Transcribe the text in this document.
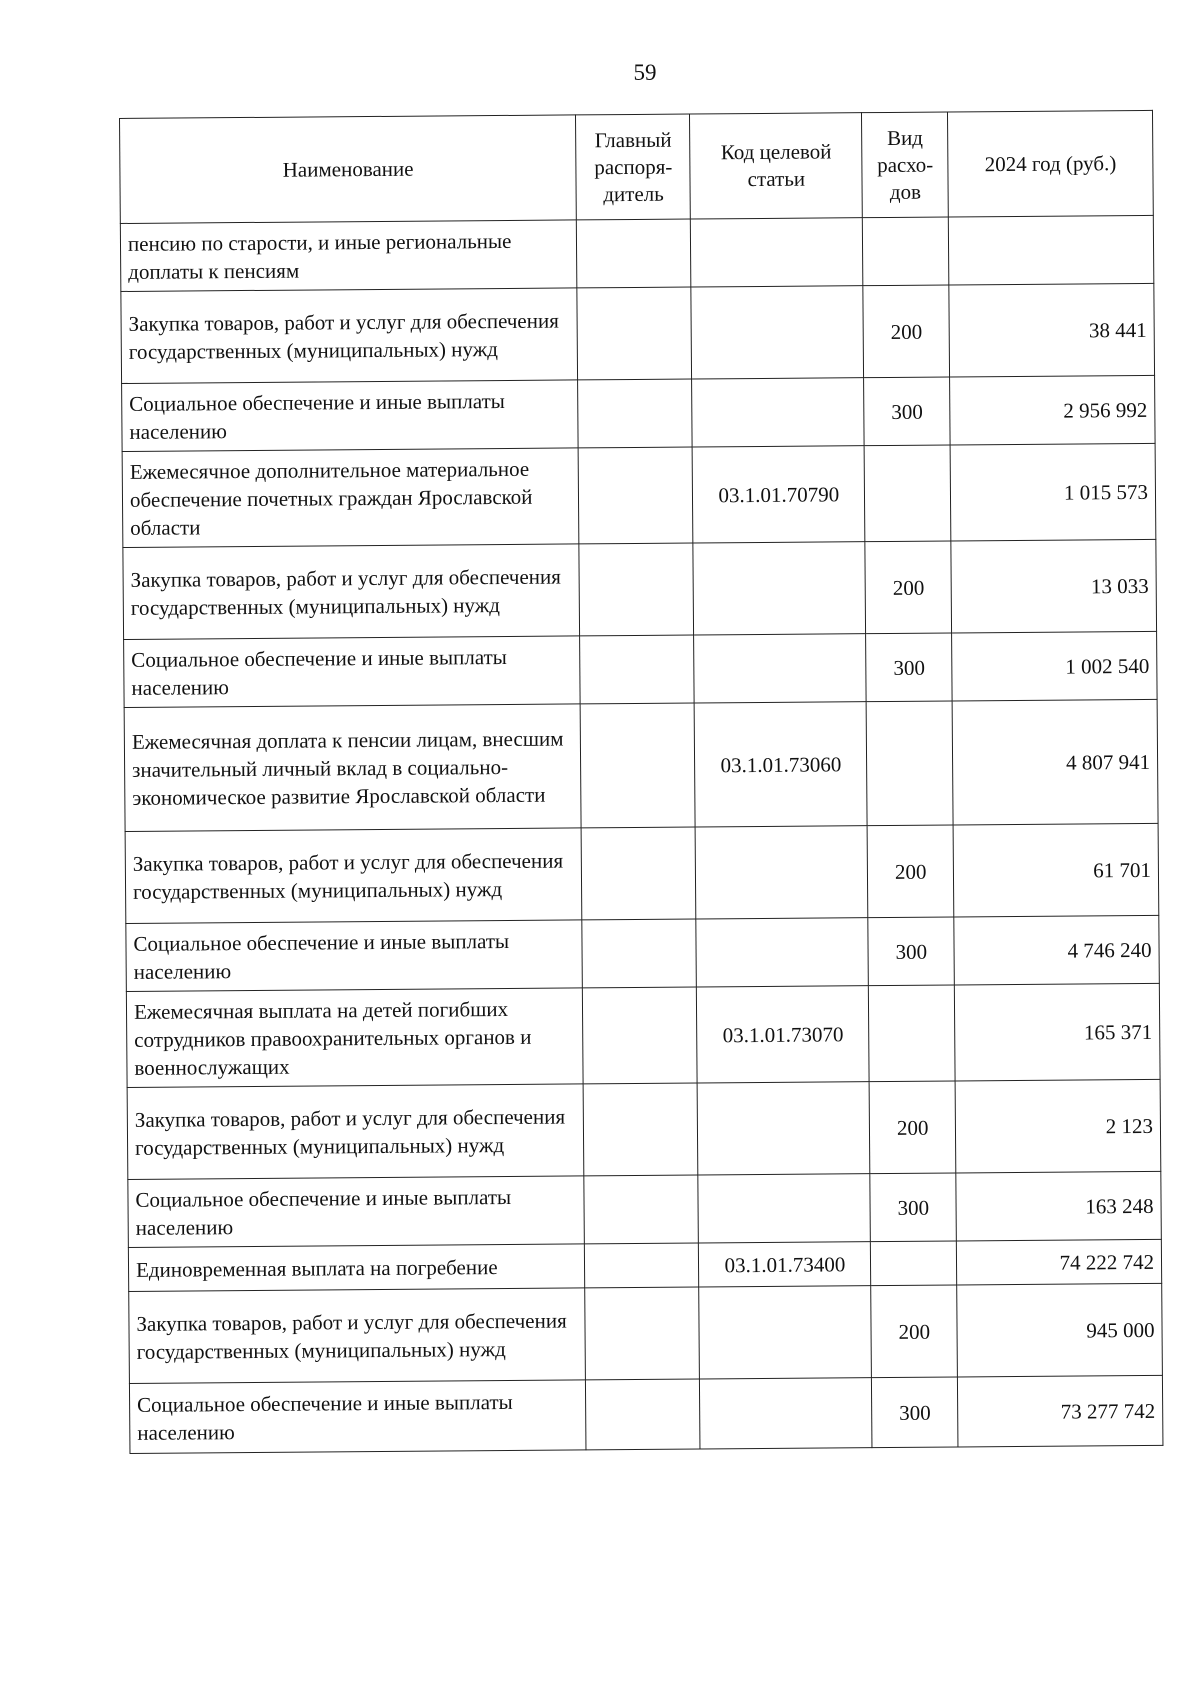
59
Наименование	Главный распоря-дитель	Код целевой статьи	Вид расхо-дов	2024 год (руб.)
пенсию по старости, и иные региональные доплаты к пенсиям				
Закупка товаров, работ и услуг для обеспечения государственных (муниципальных) нужд			200	38 441
Социальное обеспечение и иные выплаты населению			300	2 956 992
Ежемесячное дополнительное материальное обеспечение почетных граждан Ярославской области		03.1.01.70790		1 015 573
Закупка товаров, работ и услуг для обеспечения государственных (муниципальных) нужд			200	13 033
Социальное обеспечение и иные выплаты населению			300	1 002 540
Ежемесячная доплата к пенсии лицам, внесшим значительный личный вклад в социально-экономическое развитие Ярославской области		03.1.01.73060		4 807 941
Закупка товаров, работ и услуг для обеспечения государственных (муниципальных) нужд			200	61 701
Социальное обеспечение и иные выплаты населению			300	4 746 240
Ежемесячная выплата на детей погибших сотрудников правоохранительных органов и военнослужащих		03.1.01.73070		165 371
Закупка товаров, работ и услуг для обеспечения государственных (муниципальных) нужд			200	2 123
Социальное обеспечение и иные выплаты населению			300	163 248
Единовременная выплата на погребение		03.1.01.73400		74 222 742
Закупка товаров, работ и услуг для обеспечения государственных (муниципальных) нужд			200	945 000
Социальное обеспечение и иные выплаты населению			300	73 277 742
